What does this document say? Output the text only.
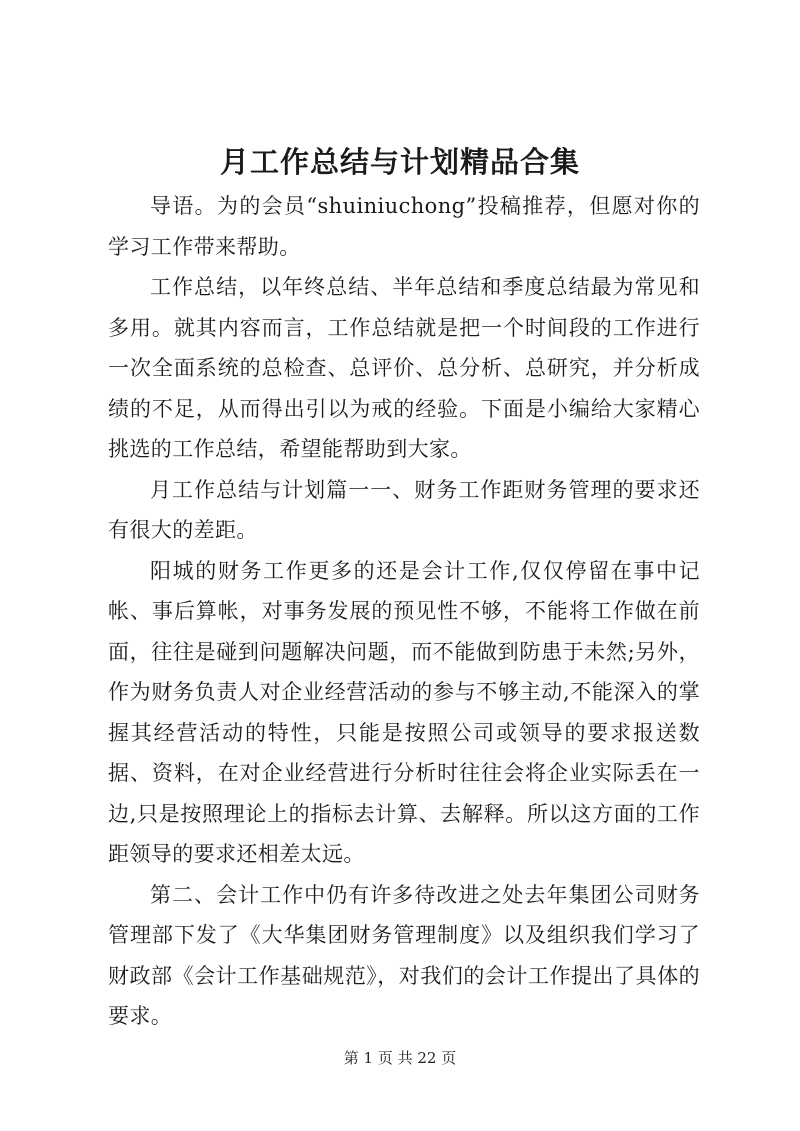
月工作总结与计划精品合集

导语。为的会员“shuiniuchong”投稿推荐，但愿对你的学习工作带来帮助。

工作总结，以年终总结、半年总结和季度总结最为常见和多用。就其内容而言，工作总结就是把一个时间段的工作进行一次全面系统的总检查、总评价、总分析、总研究，并分析成绩的不足，从而得出引以为戒的经验。下面是小编给大家精心挑选的工作总结，希望能帮助到大家。

月工作总结与计划篇一一、财务工作距财务管理的要求还有很大的差距。

阳城的财务工作更多的还是会计工作,仅仅停留在事中记帐、事后算帐，对事务发展的预见性不够，不能将工作做在前面，往往是碰到问题解决问题，而不能做到防患于未然;另外，作为财务负责人对企业经营活动的参与不够主动,不能深入的掌握其经营活动的特性，只能是按照公司或领导的要求报送数据、资料，在对企业经营进行分析时往往会将企业实际丢在一边,只是按照理论上的指标去计算、去解释。所以这方面的工作距领导的要求还相差太远。

第二、会计工作中仍有许多待改进之处去年集团公司财务管理部下发了《大华集团财务管理制度》以及组织我们学习了财政部《会计工作基础规范》，对我们的会计工作提出了具体的要求。

第 1 页 共 22 页
